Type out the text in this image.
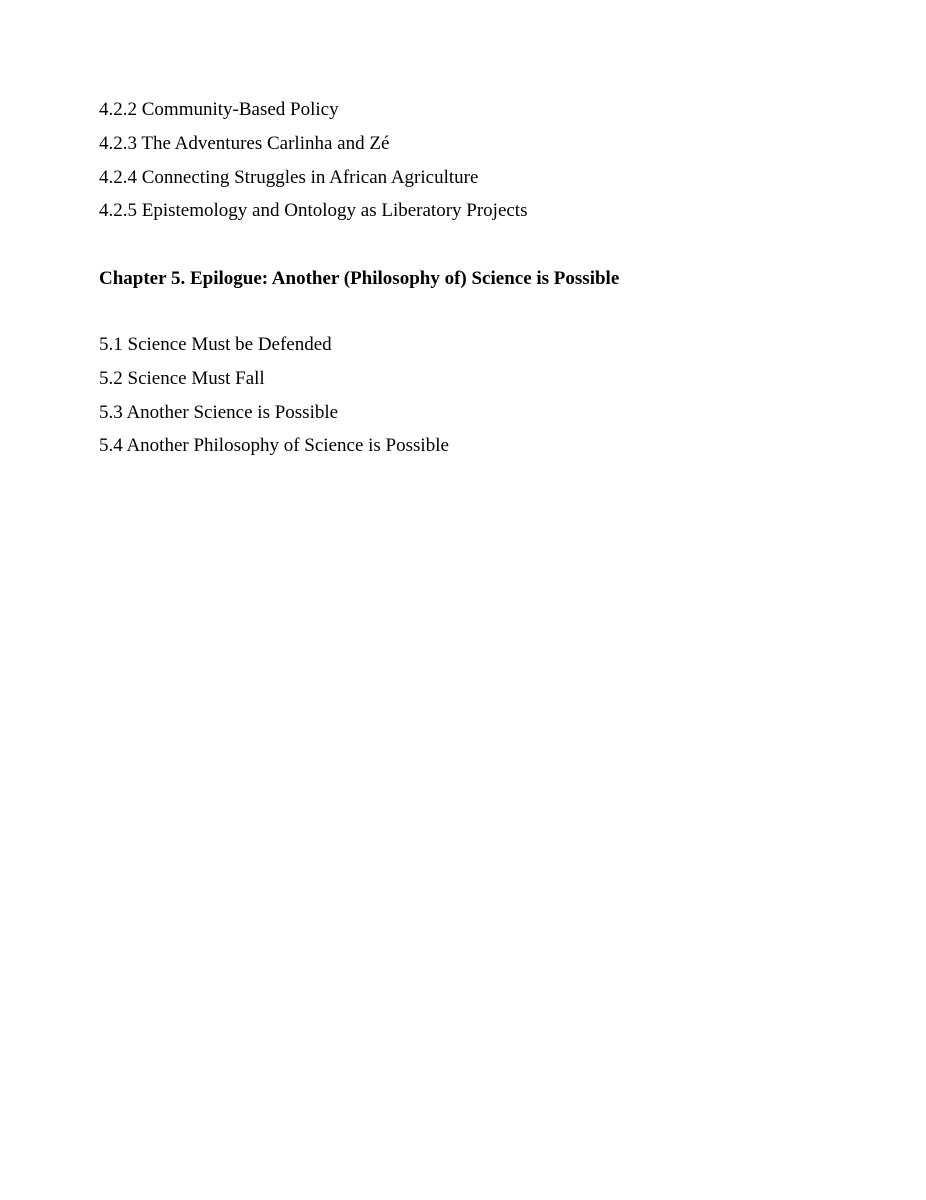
4.2.2 Community-Based Policy

4.2.3 The Adventures Carlinha and Zé

4.2.4 Connecting Struggles in African Agriculture

4.2.5 Epistemology and Ontology as Liberatory Projects

Chapter 5. Epilogue: Another (Philosophy of) Science is Possible

5.1 Science Must be Defended

5.2 Science Must Fall

5.3 Another Science is Possible

5.4 Another Philosophy of Science is Possible
